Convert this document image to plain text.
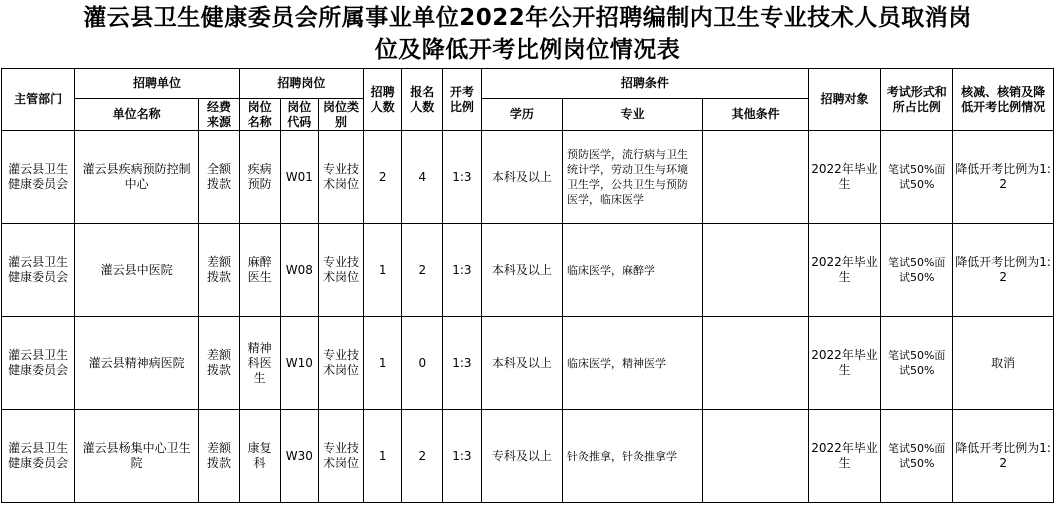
灌云县卫生健康委员会所属事业单位2022年公开招聘编制内卫生专业技术人员取消岗
位及降低开考比例岗位情况表
主管部门	招聘单位		招聘岗位			招聘人数	报名人数	开考比例	招聘条件			招聘对象	考试形式和所占比例	核减、核销及降低开考比例情况
	单位名称	经费来源	岗位名称	岗位代码	岗位类别				学历	专业	其他条件			
灌云县卫生健康委员会	灌云县疾病预防控制中心	全额拨款	疾病预防	W01	专业技术岗位	2	4	1:3	本科及以上	预防医学，流行病与卫生统计学，劳动卫生与环境卫生学，公共卫生与预防医学，临床医学		2022年毕业生	笔试50%面试50%	降低开考比例为1:2
灌云县卫生健康委员会	灌云县中医院	差额拨款	麻醉医生	W08	专业技术岗位	1	2	1:3	本科及以上	临床医学，麻醉学		2022年毕业生	笔试50%面试50%	降低开考比例为1:2
灌云县卫生健康委员会	灌云县精神病医院	差额拨款	精神科医生	W10	专业技术岗位	1	0	1:3	本科及以上	临床医学，精神医学		2022年毕业生	笔试50%面试50%	取消
灌云县卫生健康委员会	灌云县杨集中心卫生院	差额拨款	康复科	W30	专业技术岗位	1	2	1:3	专科及以上	针灸推拿，针灸推拿学		2022年毕业生	笔试50%面试50%	降低开考比例为1:2
